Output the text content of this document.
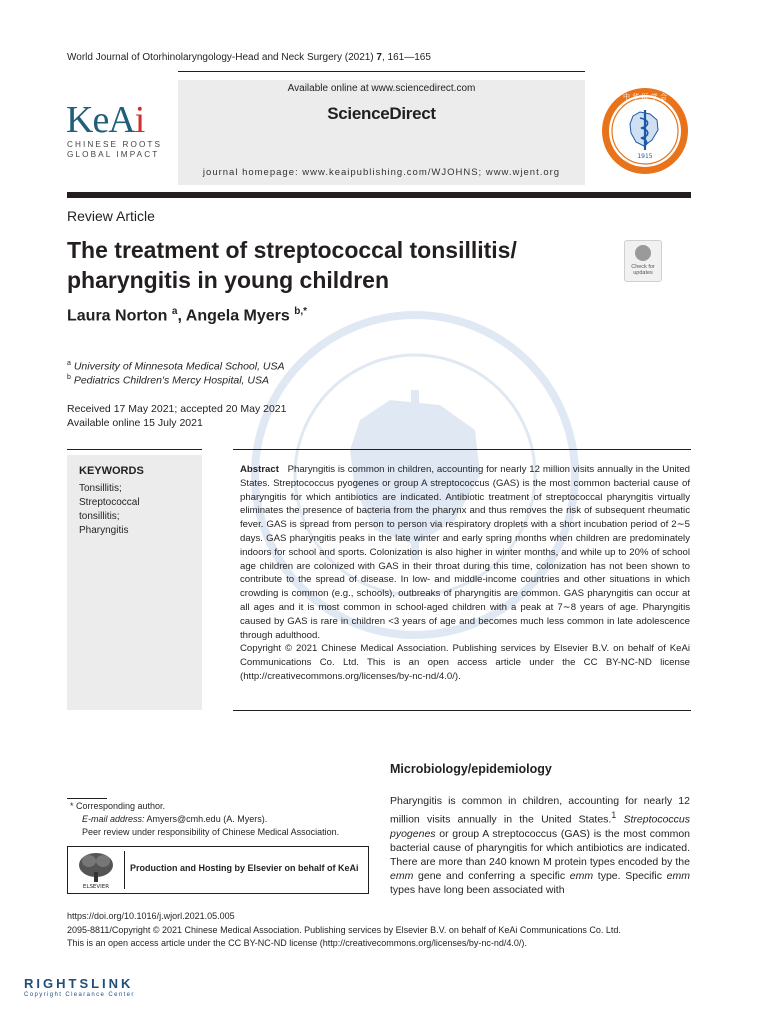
World Journal of Otorhinolaryngology-Head and Neck Surgery (2021) 7, 161—165
KeAi
CHINESE ROOTS
GLOBAL IMPACT
Available online at www.sciencedirect.com
ScienceDirect
journal homepage: www.keaipublishing.com/WJOHNS; www.wjent.org
1915
中 华 医 学 会
Review Article
The treatment of streptococcal tonsillitis/
pharyngitis in young children	Check for updates
Laura Norton $^a$, Angela Myers $^{b,*}$
$^a$ University of Minnesota Medical School, USA
$^b$ Pediatrics Children's Mercy Hospital, USA
Received 17 May 2021; accepted 20 May 2021
Available online 15 July 2021
KEYWORDS
Tonsillitis;
Streptococcal
tonsillitis;
Pharyngitis

Abstract Pharyngitis is common in children, accounting for nearly 12 million visits annually in the United States. Streptococcus pyogenes or group A streptococcus (GAS) is the most common bacterial cause of pharyngitis for which antibiotics are indicated. Antibiotic treatment of streptococcal pharyngitis virtually eliminates the presence of bacteria from the pharynx and thus removes the risk of subsequent rheumatic fever. GAS is spread from person to person via respiratory droplets with a short incubation period of 2∼5 days. GAS pharyngitis peaks in the late winter and early spring months when children are predominately indoors for school and sports. Colonization is also higher in winter months, and while up to 20% of school age children are colonized with GAS in their throat during this time, colonization has not been shown to contribute to the spread of disease. In low- and middle-income countries and other situations in which crowding is common (e.g., schools), outbreaks of pharyngitis are common. GAS pharyngitis can occur at all ages and it is most common in school-aged children with a peak at 7∼8 years of age. Pharyngitis caused by GAS is rare in children <3 years of age and becomes much less common in late adolescence through adulthood.

Copyright © 2021 Chinese Medical Association. Publishing services by Elsevier B.V. on behalf of KeAi Communications Co. Ltd. This is an open access article under the CC BY-NC-ND license (http://creativecommons.org/licenses/by-nc-nd/4.0/).

Microbiology/epidemiology
Pharyngitis is common in children, accounting for nearly 12 million visits annually in the United States.$^1$ Streptococcus pyogenes or group A streptococcus (GAS) is the most common bacterial cause of pharyngitis for which antibiotics are indicated. There are more than 240 known M protein types encoded by the emm gene and conferring a specific emm type. Specific emm types have long been associated with
* Corresponding author.
E-mail address: Amyers@cmh.edu (A. Myers).
Peer review under responsibility of Chinese Medical Association.
ELSEVIER
Production and Hosting by Elsevier on behalf of KeAi
https://doi.org/10.1016/j.wjorl.2021.05.005
2095-8811/Copyright © 2021 Chinese Medical Association. Publishing services by Elsevier B.V. on behalf of KeAi Communications Co. Ltd.
This is an open access article under the CC BY-NC-ND license (http://creativecommons.org/licenses/by-nc-nd/4.0/).
RIGHTSLINK
Copyright Clearance Center
